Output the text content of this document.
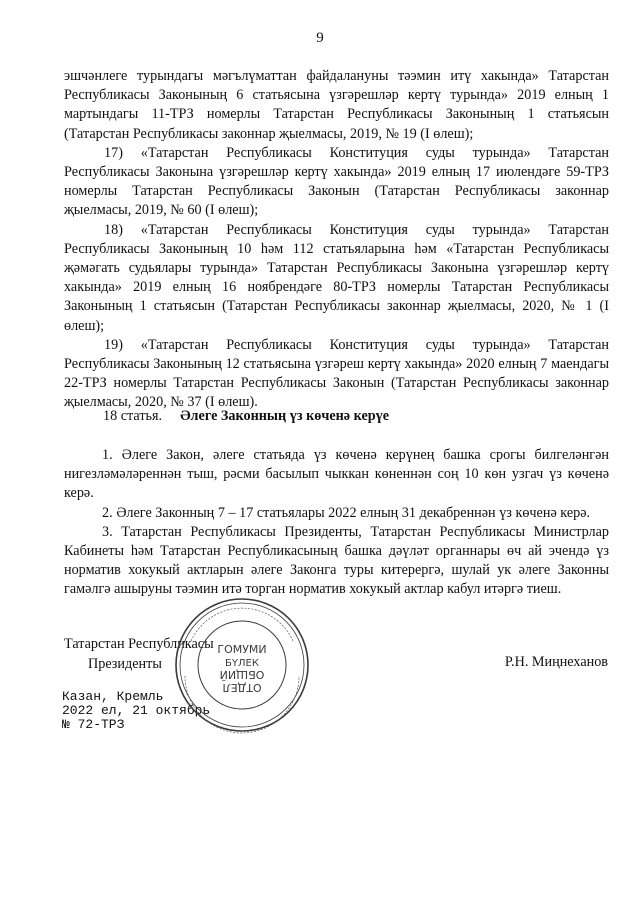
9

эшчәнлеге турындагы мәгълүматтан файдалануны тәэмин итү хакында» Татарстан Республикасы Законының 6 статьясына үзгәрешләр кертү турында» 2019 елның 1 мартындагы 11-ТРЗ номерлы Татарстан Республикасы Законының 1 статьясын (Татарстан Республикасы законнар җыелмасы, 2019, № 19 (I өлеш);

17) «Татарстан Республикасы Конституция суды турында» Татарстан Республикасы Законына үзгәрешләр кертү хакында» 2019 елның 17 июлендәге 59-ТРЗ номерлы Татарстан Республикасы Законын (Татарстан Республикасы законнар җыелмасы, 2019, № 60 (I өлеш);

18) «Татарстан Республикасы Конституция суды турында» Татарстан Республикасы Законының 10 һәм 112 статьяларына һәм «Татарстан Республикасы җәмәгать судьялары турында» Татарстан Республикасы Законына үзгәрешләр кертү хакында» 2019 елның 16 ноябрендәге 80-ТРЗ номерлы Татарстан Республикасы Законының 1 статьясын (Татарстан Республикасы законнар җыелмасы, 2020, № 1 (I өлеш);

19) «Татарстан Республикасы Конституция суды турында» Татарстан Республикасы Законының 12 статьясына үзгәреш кертү хакында» 2020 елның 7 маендагы 22-ТРЗ номерлы Татарстан Республикасы Законын (Татарстан Республикасы законнар җыелмасы, 2020, № 37 (I өлеш).

18 статья. Әлеге Законның үз көченә керүе

1. Әлеге Закон, әлеге статьяда үз көченә керүнең башка срогы билгеләнгән нигезләмәләреннән тыш, рәсми басылып чыккан көненнән соң 10 көн узгач үз көченә керә.

2. Әлеге Законның 7 – 17 статьялары 2022 елның 31 декабреннән үз көченә керә.

3. Татарстан Республикасы Президенты, Татарстан Республикасы Министрлар Кабинеты һәм Татарстан Республикасының башка дәүләт органнары өч ай эчендә үз норматив хокукый актларын әлеге Законга туры китерергә, шулай ук әлеге Законны гамәлгә ашыруны тәэмин итә торган норматив хокукый актлар кабул итәргә тиеш.

Татарстан Республикасы
Президенты	Р.Н. Миңнеханов
Казан, Кремль
2022 ел, 21 октябрь
№ 72-ТРЗ
ГОМУМИ
БҮЛЕК
ОТДЕЛ
ОБЩИЙ
